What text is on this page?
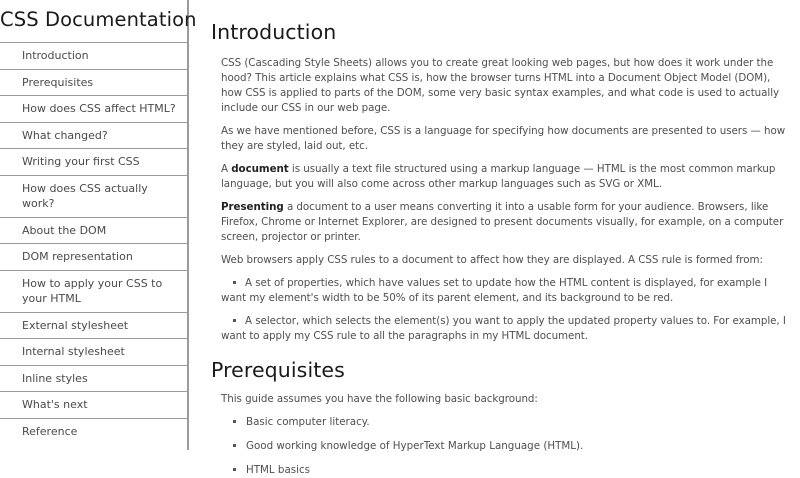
CSS Documentation
Introduction
Prerequisites
How does CSS affect HTML?
What changed?
Writing your first CSS
How does CSS actually work?
About the DOM
DOM representation
How to apply your CSS to your HTML
External stylesheet
Internal stylesheet
Inline styles
What's next
Reference
Introduction

CSS (Cascading Style Sheets) allows you to create great looking web pages, but how does it work under the hood? This article explains what CSS is, how the browser turns HTML into a Document Object Model (DOM), how CSS is applied to parts of the DOM, some very basic syntax examples, and what code is used to actually include our CSS in our web page.

As we have mentioned before, CSS is a language for specifying how documents are presented to users — how they are styled, laid out, etc.

A document is usually a text file structured using a markup language — HTML is the most common markup language, but you will also come across other markup languages such as SVG or XML.

Presenting a document to a user means converting it into a usable form for your audience. Browsers, like Firefox, Chrome or Internet Explorer, are designed to present documents visually, for example, on a computer screen, projector or printer.

Web browsers apply CSS rules to a document to affect how they are displayed. A CSS rule is formed from:

A set of properties, which have values set to update how the HTML content is displayed, for example I want my element's width to be 50% of its parent element, and its background to be red.
A selector, which selects the element(s) you want to apply the updated property values to. For example, I want to apply my CSS rule to all the paragraphs in my HTML document.
Prerequisites

This guide assumes you have the following basic background:

Basic computer literacy.
Good working knowledge of HyperText Markup Language (HTML).
HTML basics
